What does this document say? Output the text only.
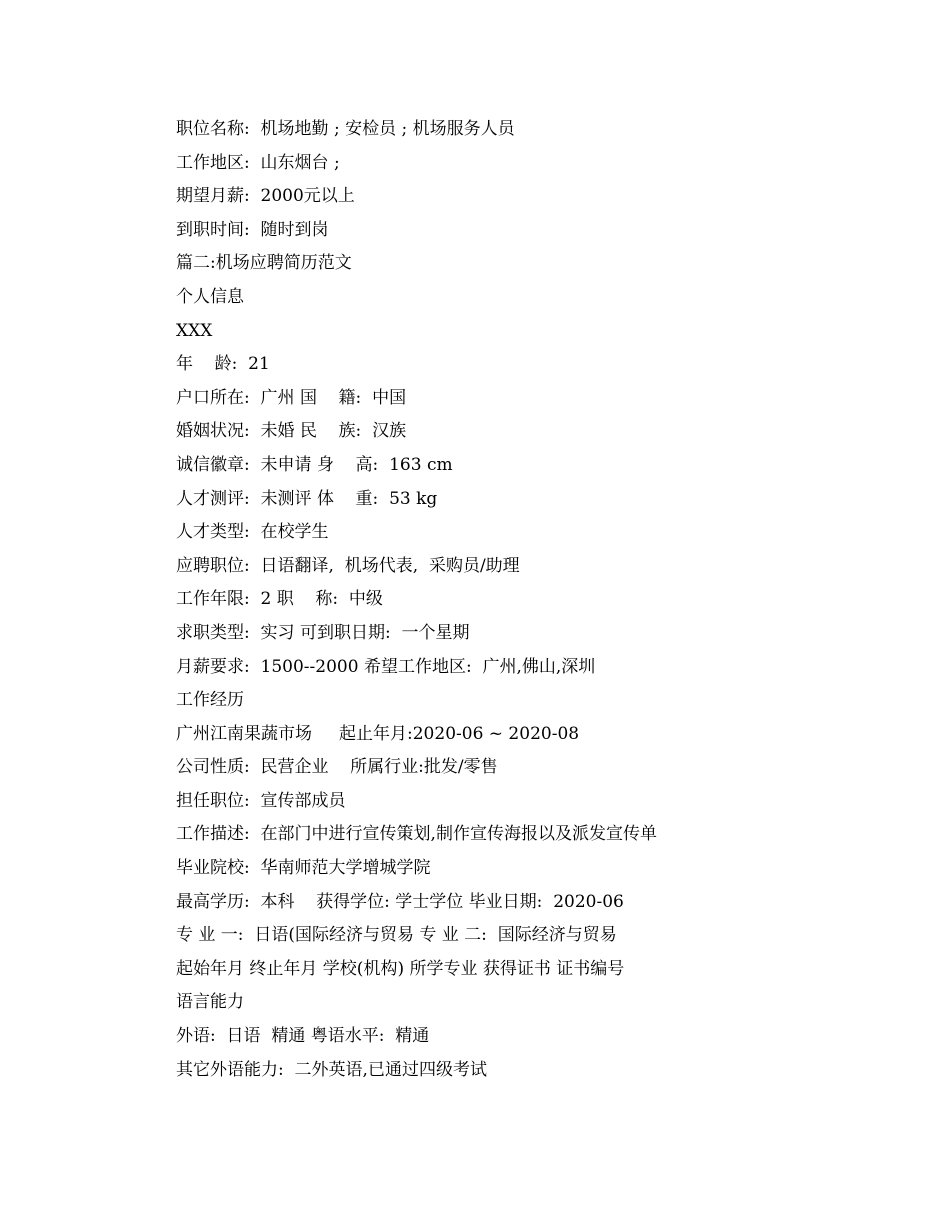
职位名称:  机场地勤 ; 安检员 ; 机场服务人员
工作地区:  山东烟台 ;
期望月薪:  2000元以上
到职时间:  随时到岗
篇二:机场应聘简历范文
个人信息
XXX
年    龄:  21
户口所在:  广州 国    籍:  中国
婚姻状况:  未婚 民    族:  汉族
诚信徽章:  未申请 身    高:  163 cm
人才测评:  未测评 体    重:  53 kg
人才类型:  在校学生
应聘职位:  日语翻译,  机场代表,  采购员/助理
工作年限:  2 职    称:  中级
求职类型:  实习 可到职日期:  一个星期
月薪要求:  1500--2000 希望工作地区:  广州,佛山,深圳
工作经历
广州江南果蔬市场     起止年月:2020-06 ~ 2020-08
公司性质:  民营企业    所属行业:批发/零售
担任职位:  宣传部成员
工作描述:  在部门中进行宣传策划,制作宣传海报以及派发宣传单
毕业院校:  华南师范大学增城学院
最高学历:  本科    获得学位: 学士学位 毕业日期:  2020-06
专 业 一:  日语(国际经济与贸易 专 业 二:  国际经济与贸易
起始年月 终止年月 学校(机构) 所学专业 获得证书 证书编号
语言能力
外语:  日语  精通 粤语水平:  精通
其它外语能力:  二外英语,已通过四级考试
